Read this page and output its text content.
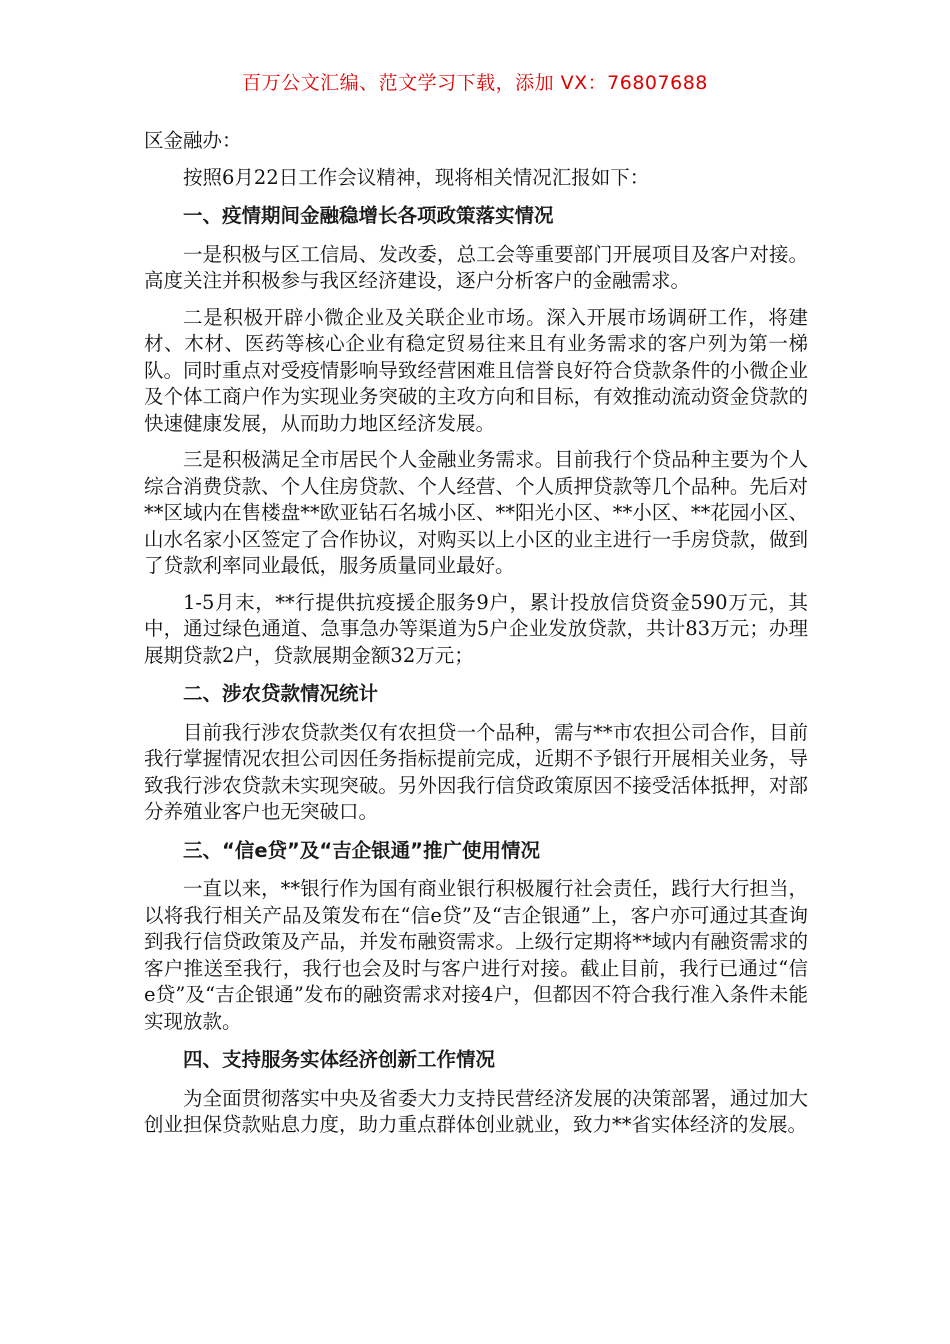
百万公文汇编、范文学习下载，添加 VX：76807688

区金融办：

按照6月22日工作会议精神，现将相关情况汇报如下：

一、疫情期间金融稳增长各项政策落实情况

一是积极与区工信局、发改委，总工会等重要部门开展项目及客户对接。高度关注并积极参与我区经济建设，逐户分析客户的金融需求。

二是积极开辟小微企业及关联企业市场。深入开展市场调研工作，将建材、木材、医药等核心企业有稳定贸易往来且有业务需求的客户列为第一梯队。同时重点对受疫情影响导致经营困难且信誉良好符合贷款条件的小微企业及个体工商户作为实现业务突破的主攻方向和目标，有效推动流动资金贷款的快速健康发展，从而助力地区经济发展。

三是积极满足全市居民个人金融业务需求。目前我行个贷品种主要为个人综合消费贷款、个人住房贷款、个人经营、个人质押贷款等几个品种。先后对**区域内在售楼盘**欧亚钻石名城小区、**阳光小区、**小区、**花园小区、山水名家小区签定了合作协议，对购买以上小区的业主进行一手房贷款，做到了贷款利率同业最低，服务质量同业最好。

1-5月末，**行提供抗疫援企服务9户，累计投放信贷资金590万元，其中，通过绿色通道、急事急办等渠道为5户企业发放贷款，共计83万元；办理展期贷款2户，贷款展期金额32万元；

二、涉农贷款情况统计

目前我行涉农贷款类仅有农担贷一个品种，需与**市农担公司合作，目前我行掌握情况农担公司因任务指标提前完成，近期不予银行开展相关业务，导致我行涉农贷款未实现突破。另外因我行信贷政策原因不接受活体抵押，对部分养殖业客户也无突破口。

三、“信e贷”及“吉企银通”推广使用情况

一直以来，**银行作为国有商业银行积极履行社会责任，践行大行担当，以将我行相关产品及策发布在“信e贷”及“吉企银通”上，客户亦可通过其查询到我行信贷政策及产品，并发布融资需求。上级行定期将**域内有融资需求的客户推送至我行，我行也会及时与客户进行对接。截止目前，我行已通过“信e贷”及“吉企银通”发布的融资需求对接4户，但都因不符合我行准入条件未能实现放款。

四、支持服务实体经济创新工作情况

为全面贯彻落实中央及省委大力支持民营经济发展的决策部署，通过加大创业担保贷款贴息力度，助力重点群体创业就业，致力**省实体经济的发展。
